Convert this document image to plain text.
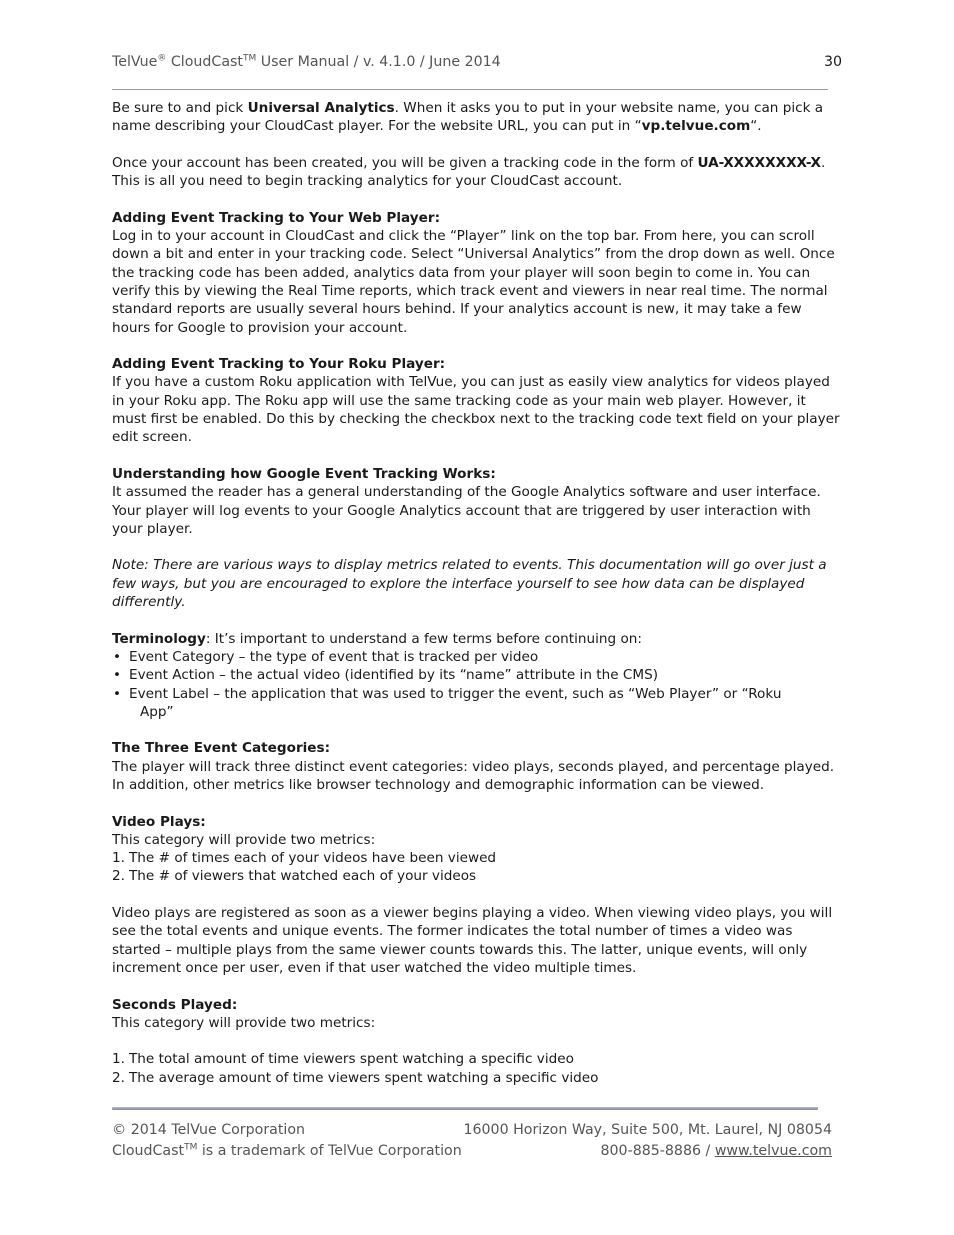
TelVue® CloudCast™ User Manual / v. 4.1.0 / June 2014	30

Be sure to and pick Universal Analytics. When it asks you to put in your website name, you can pick a name describing your CloudCast player. For the website URL, you can put in “vp.telvue.com“.

Once your account has been created, you will be given a tracking code in the form of UA-XXXXXXXX-X. This is all you need to begin tracking analytics for your CloudCast account.

Adding Event Tracking to Your Web Player:

Log in to your account in CloudCast and click the “Player” link on the top bar. From here, you can scroll down a bit and enter in your tracking code. Select “Universal Analytics” from the drop down as well. Once the tracking code has been added, analytics data from your player will soon begin to come in. You can verify this by viewing the Real Time reports, which track event and viewers in near real time. The normal standard reports are usually several hours behind. If your analytics account is new, it may take a few hours for Google to provision your account.

Adding Event Tracking to Your Roku Player:

If you have a custom Roku application with TelVue, you can just as easily view analytics for videos played in your Roku app. The Roku app will use the same tracking code as your main web player. However, it must first be enabled. Do this by checking the checkbox next to the tracking code text field on your player edit screen.

Understanding how Google Event Tracking Works:

It assumed the reader has a general understanding of the Google Analytics software and user interface. Your player will log events to your Google Analytics account that are triggered by user interaction with your player.

Note: There are various ways to display metrics related to events. This documentation will go over just a few ways, but you are encouraged to explore the interface yourself to see how data can be displayed differently.

Terminology: It’s important to understand a few terms before continuing on:

• Event Category – the type of event that is tracked per video
• Event Action – the actual video (identified by its “name” attribute in the CMS)
• Event Label – the application that was used to trigger the event, such as “Web Player” or “Roku
App”

The Three Event Categories:

The player will track three distinct event categories: video plays, seconds played, and percentage played. In addition, other metrics like browser technology and demographic information can be viewed.

Video Plays:

This category will provide two metrics:

1. The # of times each of your videos have been viewed
2. The # of viewers that watched each of your videos

Video plays are registered as soon as a viewer begins playing a video. When viewing video plays, you will see the total events and unique events. The former indicates the total number of times a video was started – multiple plays from the same viewer counts towards this. The latter, unique events, will only increment once per user, even if that user watched the video multiple times.

Seconds Played:

This category will provide two metrics:

1. The total amount of time viewers spent watching a specific video
2. The average amount of time viewers spent watching a specific video
© 2014 TelVue Corporation	16000 Horizon Way, Suite 500, Mt. Laurel, NJ 08054
CloudCast™ is a trademark of TelVue Corporation	800-885-8886 / www.telvue.com
